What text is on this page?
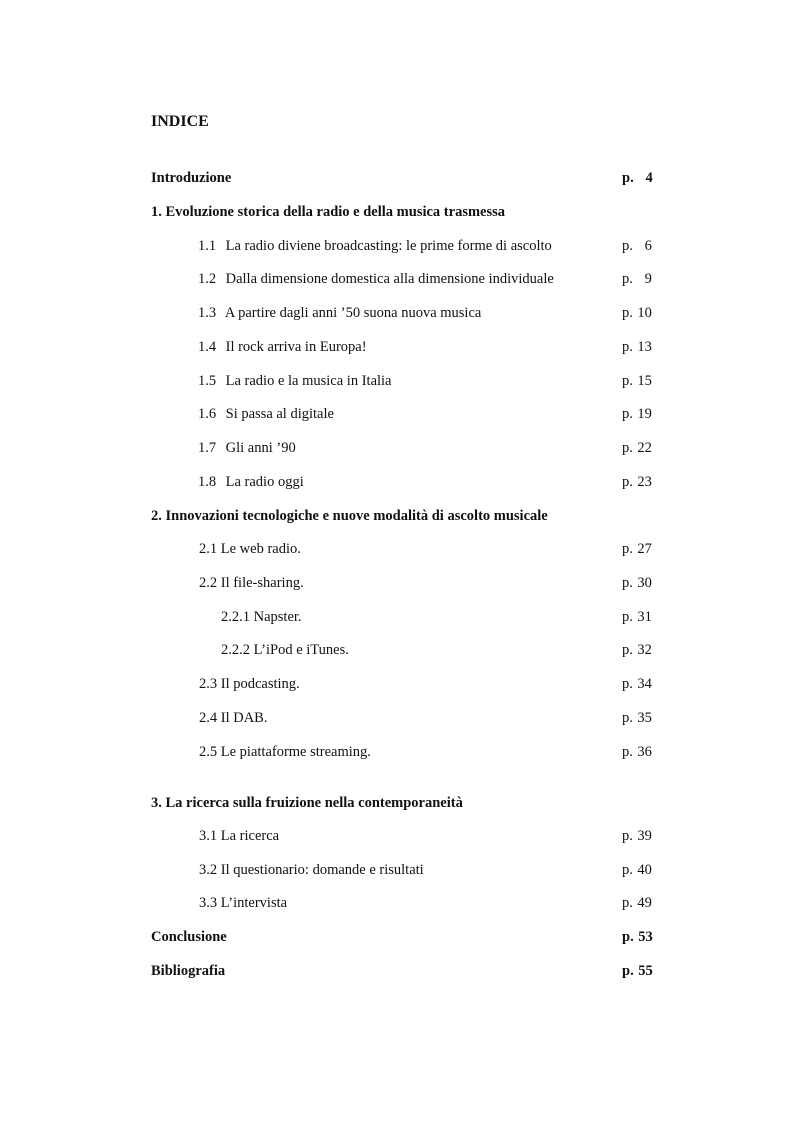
INDICE
Introduzione	p. 4
1. Evoluzione storica della radio e della musica trasmessa
1.1 La radio diviene broadcasting: le prime forme di ascolto	p. 6
1.2 Dalla dimensione domestica alla dimensione individuale	p. 9
1.3 A partire dagli anni ’50 suona nuova musica	p. 10
1.4 Il rock arriva in Europa!	p. 13
1.5 La radio e la musica in Italia	p. 15
1.6 Si passa al digitale	p. 19
1.7 Gli anni ’90	p. 22
1.8 La radio oggi	p. 23
2. Innovazioni tecnologiche e nuove modalità di ascolto musicale
2.1 Le web radio.	p. 27
2.2 Il file-sharing.	p. 30
2.2.1 Napster.	p. 31
2.2.2 L’iPod e iTunes.	p. 32
2.3 Il podcasting.	p. 34
2.4 Il DAB.	p. 35
2.5 Le piattaforme streaming.	p. 36
3. La ricerca sulla fruizione nella contemporaneità
3.1 La ricerca	p. 39
3.2 Il questionario: domande e risultati	p. 40
3.3 L’intervista	p. 49
Conclusione	p. 53
Bibliografia	p. 55
